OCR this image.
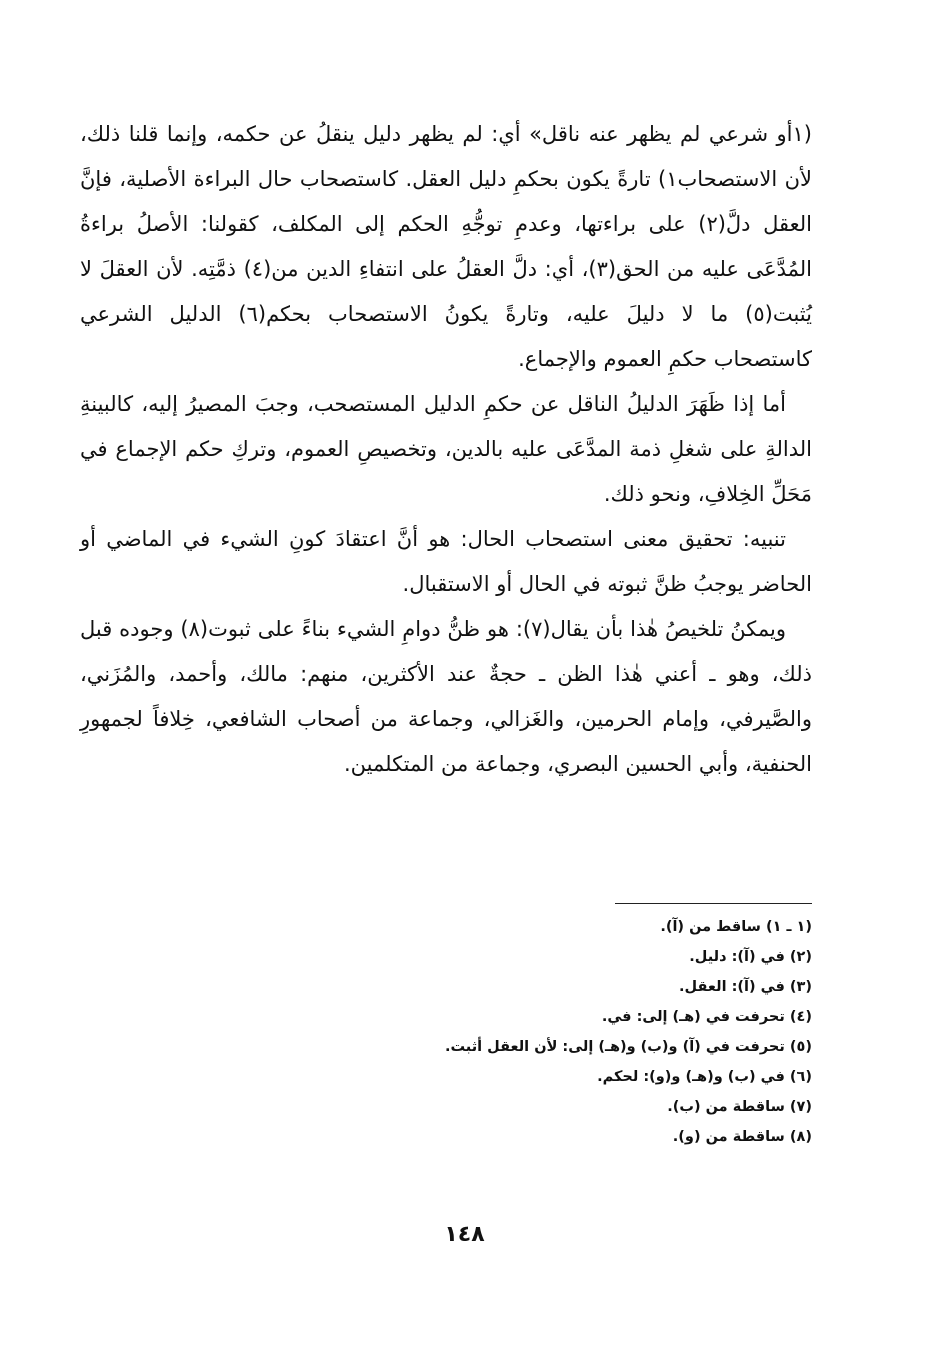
(١أو شرعي لم يظهر عنه ناقل» أي: لم يظهر دليل ينقلُ عن حكمه، وإنما قلنا ذلك، لأن الاستصحاب١) تارةً يكون بحكمِ دليل العقل. كاستصحاب حال البراءة الأصلية، فإنَّ العقل دلَّ(٢) على براءتها، وعدمِ توجُّهِ الحكم إلى المكلف، كقولنا: الأصلُ براءةُ المُدَّعَى عليه من الحق(٣)، أي: دلَّ العقلُ على انتفاءِ الدين من(٤) ذمَّتِه. لأن العقلَ لا يُثبت(٥) ما لا دليلَ عليه، وتارةً يكونُ الاستصحاب بحكم(٦) الدليل الشرعي كاستصحاب حكمِ العموم والإجماع.

أما إذا ظَهَرَ الدليلُ الناقل عن حكمِ الدليل المستصحب، وجبَ المصيرُ إليه، كالبينةِ الدالةِ على شغلِ ذمة المدَّعَى عليه بالدين، وتخصيصِ العموم، وتركِ حكم الإجماع في مَحَلِّ الخِلافِ، ونحو ذلك.

تنبيه: تحقيق معنى استصحاب الحال: هو أنَّ اعتقادَ كونِ الشيء في الماضي أو الحاضر يوجبُ ظنَّ ثبوته في الحال أو الاستقبال.

ويمكنُ تلخيصُ هٰذا بأن يقال(٧): هو ظنُّ دوامِ الشيء بناءً على ثبوت(٨) وجوده قبل ذلك، وهو ـ أعني هٰذا الظن ـ حجةٌ عند الأكثرين، منهم: مالك، وأحمد، والمُزَني، والصَّيرفي، وإمام الحرمين، والغَزالي، وجماعة من أصحاب الشافعي، خِلافاً لجمهورِ الحنفية، وأبي الحسين البصري، وجماعة من المتكلمين.

(١ ـ ١) ساقط من (آ).

(٢) في (آ): دليل.

(٣) في (آ): العقل.

(٤) تحرفت في (هـ) إلى: في.

(٥) تحرفت في (آ) و(ب) و(هـ) إلى: لأن العقل أثبت.

(٦) في (ب) و(هـ) و(و): لحكم.

(٧) ساقطة من (ب).

(٨) ساقطة من (و).

١٤٨
